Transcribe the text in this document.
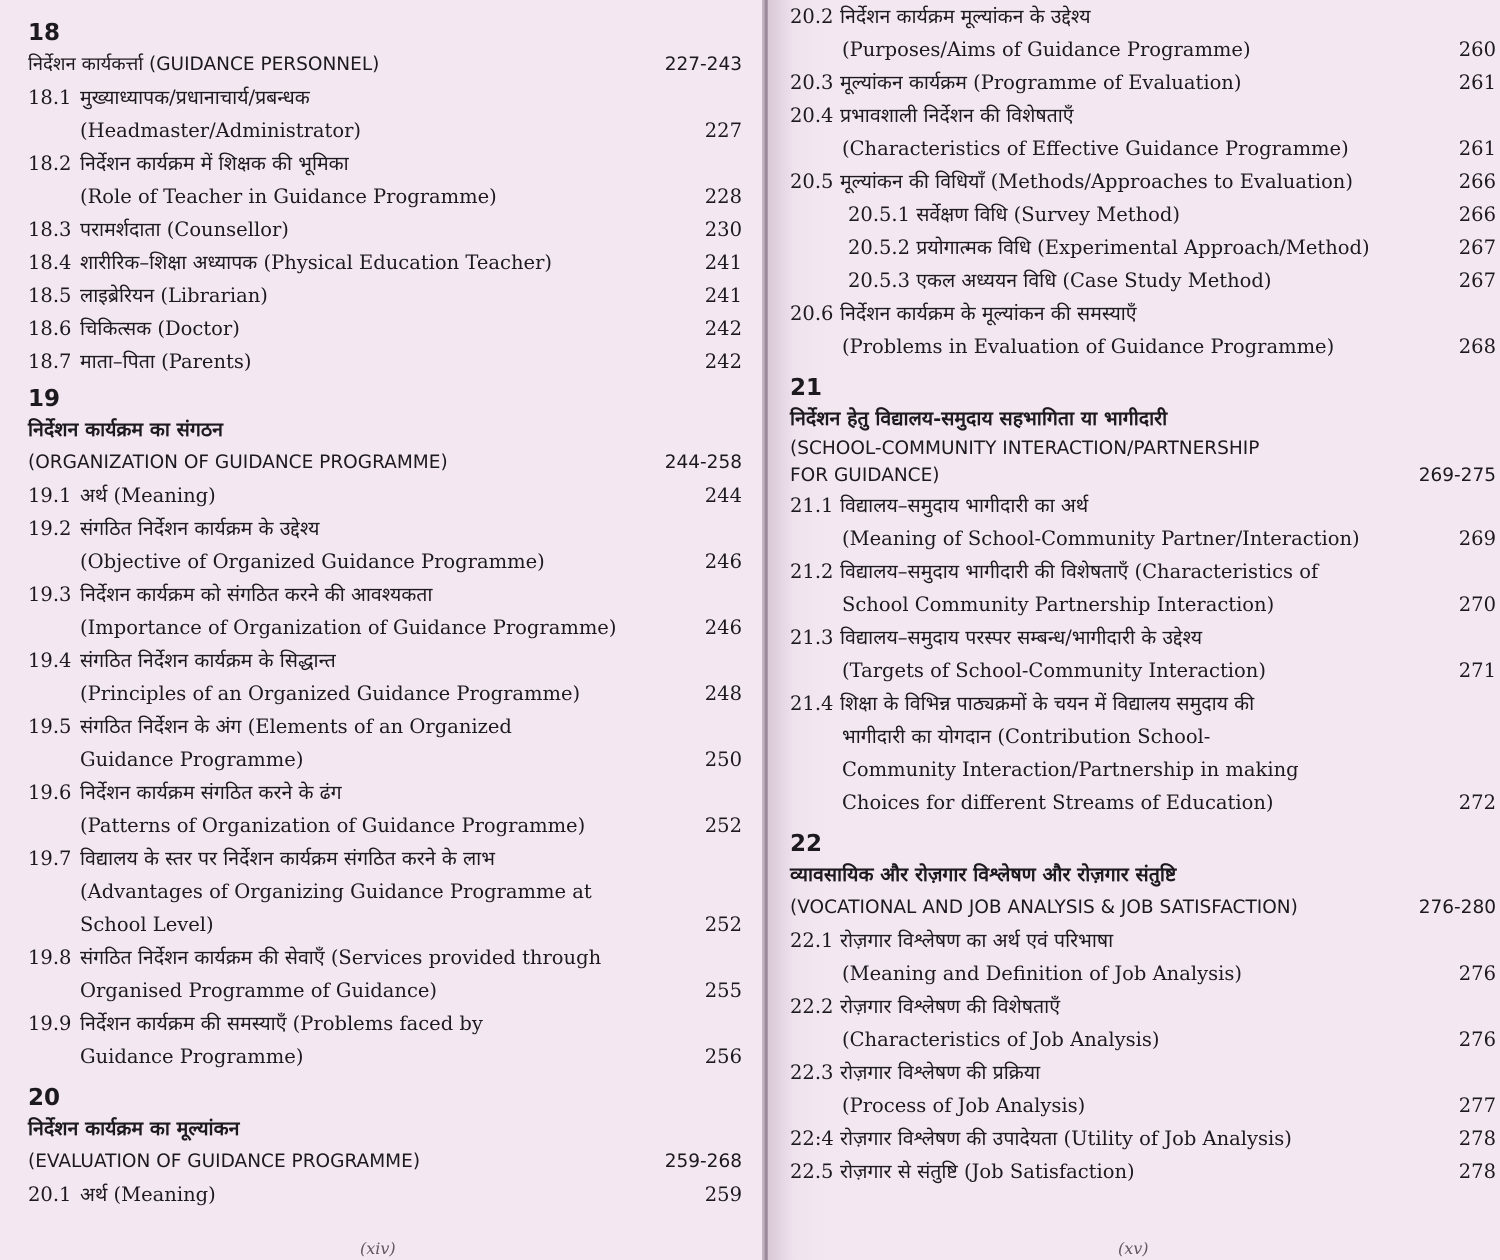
18
निर्देशन कार्यकर्त्ता (GUIDANCE PERSONNEL)	227-243
18.1 मुख्याध्यापक/प्रधानाचार्य/प्रबन्धक
(Headmaster/Administrator)	227
18.2 निर्देशन कार्यक्रम में शिक्षक की भूमिका
(Role of Teacher in Guidance Programme)	228
18.3 परामर्शदाता (Counsellor)	230
18.4 शारीरिक–शिक्षा अध्यापक (Physical Education Teacher)	241
18.5 लाइब्रेरियन (Librarian)	241
18.6 चिकित्सक (Doctor)	242
18.7 माता–पिता (Parents)	242
19
निर्देशन कार्यक्रम का संगठन
(ORGANIZATION OF GUIDANCE PROGRAMME)	244-258
19.1 अर्थ (Meaning)	244
19.2 संगठित निर्देशन कार्यक्रम के उद्देश्य
(Objective of Organized Guidance Programme)	246
19.3 निर्देशन कार्यक्रम को संगठित करने की आवश्यकता
(Importance of Organization of Guidance Programme)	246
19.4 संगठित निर्देशन कार्यक्रम के सिद्धान्त
(Principles of an Organized Guidance Programme)	248
19.5 संगठित निर्देशन के अंग (Elements of an Organized
Guidance Programme)	250
19.6 निर्देशन कार्यक्रम संगठित करने के ढंग
(Patterns of Organization of Guidance Programme)	252
19.7 विद्यालय के स्तर पर निर्देशन कार्यक्रम संगठित करने के लाभ
(Advantages of Organizing Guidance Programme at
School Level)	252
19.8 संगठित निर्देशन कार्यक्रम की सेवाएँ (Services provided through
Organised Programme of Guidance)	255
19.9 निर्देशन कार्यक्रम की समस्याएँ (Problems faced by
Guidance Programme)	256
20
निर्देशन कार्यक्रम का मूल्यांकन
(EVALUATION OF GUIDANCE PROGRAMME)	259-268
20.1 अर्थ (Meaning)	259
(xiv)
20.2 निर्देशन कार्यक्रम मूल्यांकन के उद्देश्य
(Purposes/Aims of Guidance Programme)	260
20.3 मूल्यांकन कार्यक्रम (Programme of Evaluation)	261
20.4 प्रभावशाली निर्देशन की विशेषताएँ
(Characteristics of Effective Guidance Programme)	261
20.5 मूल्यांकन की विधियाँ (Methods/Approaches to Evaluation)	266
20.5.1 सर्वेक्षण विधि (Survey Method)	266
20.5.2 प्रयोगात्मक विधि (Experimental Approach/Method)	267
20.5.3 एकल अध्ययन विधि (Case Study Method)	267
20.6 निर्देशन कार्यक्रम के मूल्यांकन की समस्याएँ
(Problems in Evaluation of Guidance Programme)	268
21
निर्देशन हेतु विद्यालय-समुदाय सहभागिता या भागीदारी
(SCHOOL-COMMUNITY INTERACTION/PARTNERSHIP
FOR GUIDANCE)	269-275
21.1 विद्यालय–समुदाय भागीदारी का अर्थ
(Meaning of School-Community Partner/Interaction)	269
21.2 विद्यालय–समुदाय भागीदारी की विशेषताएँ (Characteristics of
School Community Partnership Interaction)	270
21.3 विद्यालय–समुदाय परस्पर सम्बन्ध/भागीदारी के उद्देश्य
(Targets of School-Community Interaction)	271
21.4 शिक्षा के विभिन्न पाठ्यक्रमों के चयन में विद्यालय समुदाय की
भागीदारी का योगदान (Contribution School-
Community Interaction/Partnership in making
Choices for different Streams of Education)	272
22
व्यावसायिक और रोज़गार विश्लेषण और रोज़गार संतुष्टि
(VOCATIONAL AND JOB ANALYSIS & JOB SATISFACTION)	276-280
22.1 रोज़गार विश्लेषण का अर्थ एवं परिभाषा
(Meaning and Definition of Job Analysis)	276
22.2 रोज़गार विश्लेषण की विशेषताएँ
(Characteristics of Job Analysis)	276
22.3 रोज़गार विश्लेषण की प्रक्रिया
(Process of Job Analysis)	277
22:4 रोज़गार विश्लेषण की उपादेयता (Utility of Job Analysis)	278
22.5 रोज़गार से संतुष्टि (Job Satisfaction)	278
(xv)
